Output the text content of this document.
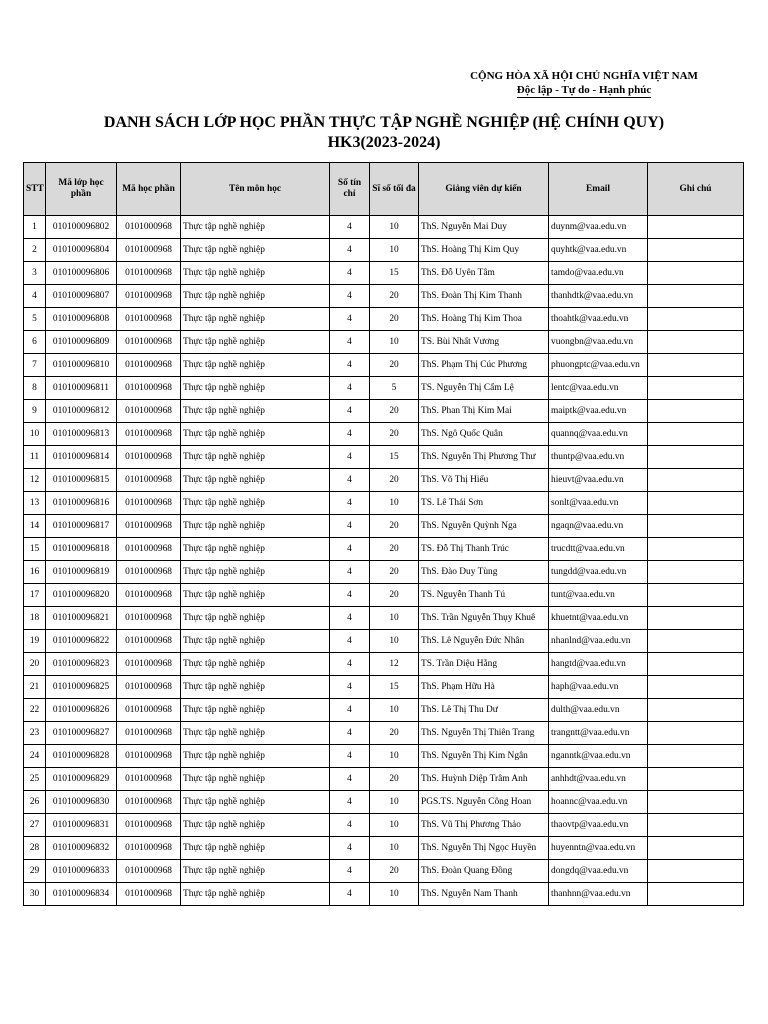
CỘNG HÒA XÃ HỘI CHỦ NGHĨA VIỆT NAM
Độc lập - Tự do - Hạnh phúc
DANH SÁCH LỚP HỌC PHẦN THỰC TẬP NGHỀ NGHIỆP (HỆ CHÍNH QUY)
HK3(2023-2024)
STT	Mã lớp học phần	Mã học phần	Tên môn học	Số tín chỉ	Sĩ số tối đa	Giảng viên dự kiến	Email	Ghi chú
1	010100096802	0101000968	Thực tập nghề nghiệp	4	10	ThS. Nguyễn Mai Duy	duynm@vaa.edu.vn	
2	010100096804	0101000968	Thực tập nghề nghiệp	4	10	ThS. Hoàng Thị Kim Quy	quyhtk@vaa.edu.vn	
3	010100096806	0101000968	Thực tập nghề nghiệp	4	15	ThS. Đỗ Uyên Tâm	tamdo@vaa.edu.vn	
4	010100096807	0101000968	Thực tập nghề nghiệp	4	20	ThS. Đoàn Thị Kim Thanh	thanhdtk@vaa.edu.vn	
5	010100096808	0101000968	Thực tập nghề nghiệp	4	20	ThS. Hoàng Thị Kim Thoa	thoahtk@vaa.edu.vn	
6	010100096809	0101000968	Thực tập nghề nghiệp	4	10	TS. Bùi Nhất Vương	vuongbn@vaa.edu.vn	
7	010100096810	0101000968	Thực tập nghề nghiệp	4	20	ThS. Phạm Thị Cúc Phương	phuongptc@vaa.edu.vn	
8	010100096811	0101000968	Thực tập nghề nghiệp	4	5	TS. Nguyễn Thị Cẩm Lệ	lentc@vaa.edu.vn	
9	010100096812	0101000968	Thực tập nghề nghiệp	4	20	ThS. Phan Thị Kim Mai	maiptk@vaa.edu.vn	
10	010100096813	0101000968	Thực tập nghề nghiệp	4	20	ThS. Ngô Quốc Quân	quannq@vaa.edu.vn	
11	010100096814	0101000968	Thực tập nghề nghiệp	4	15	ThS. Nguyễn Thị Phương Thư	thuntp@vaa.edu.vn	
12	010100096815	0101000968	Thực tập nghề nghiệp	4	20	ThS. Võ Thị Hiếu	hieuvt@vaa.edu.vn	
13	010100096816	0101000968	Thực tập nghề nghiệp	4	10	TS. Lê Thái Sơn	sonlt@vaa.edu.vn	
14	010100096817	0101000968	Thực tập nghề nghiệp	4	20	ThS. Nguyễn Quỳnh Nga	ngaqn@vaa.edu.vn	
15	010100096818	0101000968	Thực tập nghề nghiệp	4	20	TS. Đỗ Thị Thanh Trúc	trucdtt@vaa.edu.vn	
16	010100096819	0101000968	Thực tập nghề nghiệp	4	20	ThS. Đào Duy Tùng	tungdd@vaa.edu.vn	
17	010100096820	0101000968	Thực tập nghề nghiệp	4	20	TS. Nguyễn Thanh Tú	tunt@vaa.edu.vn	
18	010100096821	0101000968	Thực tập nghề nghiệp	4	10	ThS. Trần Nguyễn Thụy Khuê	khuetnt@vaa.edu.vn	
19	010100096822	0101000968	Thực tập nghề nghiệp	4	10	ThS. Lê Nguyễn Đức Nhân	nhanlnd@vaa.edu.vn	
20	010100096823	0101000968	Thực tập nghề nghiệp	4	12	TS. Trần Diệu Hằng	hangtd@vaa.edu.vn	
21	010100096825	0101000968	Thực tập nghề nghiệp	4	15	ThS. Phạm Hữu Hà	haph@vaa.edu.vn	
22	010100096826	0101000968	Thực tập nghề nghiệp	4	10	ThS. Lê Thị Thu Dư	dulth@vaa.edu.vn	
23	010100096827	0101000968	Thực tập nghề nghiệp	4	20	ThS. Nguyễn Thị Thiên Trang	trangntt@vaa.edu.vn	
24	010100096828	0101000968	Thực tập nghề nghiệp	4	10	ThS. Nguyễn Thị Kim Ngân	nganntk@vaa.edu.vn	
25	010100096829	0101000968	Thực tập nghề nghiệp	4	20	ThS. Huỳnh Diệp Trâm Anh	anhhdt@vaa.edu.vn	
26	010100096830	0101000968	Thực tập nghề nghiệp	4	10	PGS.TS. Nguyễn Công Hoan	hoannc@vaa.edu.vn	
27	010100096831	0101000968	Thực tập nghề nghiệp	4	10	ThS. Vũ Thị Phương Thảo	thaovtp@vaa.edu.vn	
28	010100096832	0101000968	Thực tập nghề nghiệp	4	10	ThS. Nguyễn Thị Ngọc Huyền	huyenntn@vaa.edu.vn	
29	010100096833	0101000968	Thực tập nghề nghiệp	4	20	ThS. Đoàn Quang Đồng	dongdq@vaa.edu.vn	
30	010100096834	0101000968	Thực tập nghề nghiệp	4	10	ThS. Nguyễn Nam Thanh	thanhnn@vaa.edu.vn	
